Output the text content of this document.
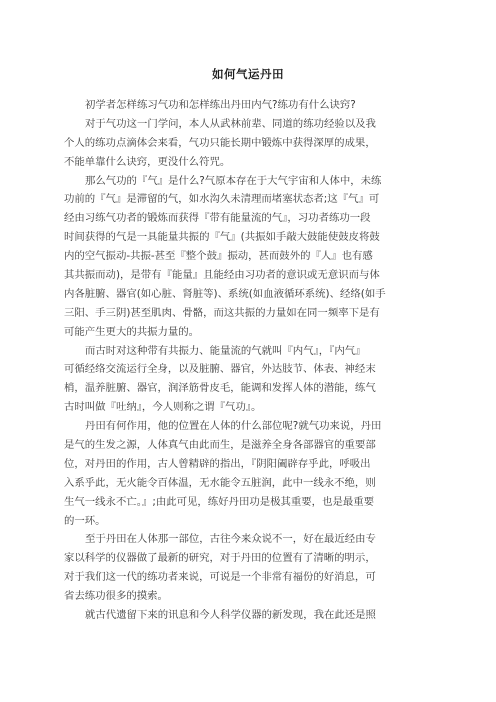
如何气运丹田
初学者怎样练习气功和怎样练出丹田内气?练功有什么诀窍?
对于气功这一门学问，本人从武林前辈、同道的练功经验以及我
个人的练功点滴体会来看，气功只能长期中锻炼中获得深厚的成果，
不能单靠什么诀窍，更没什么符咒。
那么气功的『气』是什么?气原本存在于大气宇宙和人体中，未练
功前的『气』是滞留的气，如水沟久未清理而堵塞状态者;这『气』可
经由习练气功者的锻炼而获得『带有能量流的气』，习功者练功一段
时间获得的气是一具能量共振的『气』(共振如手敲大鼓能使鼓皮将鼓
内的空气振动-共振-甚至『整个鼓』振动，甚而鼓外的『人』也有感
其共振而动)，是带有『能量』且能经由习功者的意识或无意识而与体
内各脏腑、器官(如心脏、肾脏等)、系统(如血液循环系统)、经络(如手
三阳、手三阴)甚至肌肉、骨骼，而这共振的力量如在同一频率下是有
可能产生更大的共振力量的。
而古时对这种带有共振力、能量流的气就叫『内气』，『内气』
可循经络交流运行全身，以及脏腑、器官，外达肢节、体表、神经末
梢，温养脏腑、器官，润泽筋骨皮毛，能调和发挥人体的潜能，练气
古时叫做『吐纳』，今人则称之谓『气功』。
丹田有何作用，他的位置在人体的什么部位呢?就气功来说，丹田
是气的生发之源，人体真气由此而生，是滋养全身各部器官的重要部
位，对丹田的作用，古人曾精辟的指出，『阴阳阖辟存乎此，呼吸出
入系乎此，无火能令百体温，无水能令五脏润，此中一线永不绝，则
生气一线永不亡。』;由此可见，练好丹田功是极其重要，也是最重要
的一环。
至于丹田在人体那一部位，古往今来众说不一，好在最近经由专
家以科学的仪器做了最新的研究，对于丹田的位置有了清晰的明示，
对于我们这一代的练功者来说，可说是一个非常有福份的好消息，可
省去练功很多的摸索。
就古代遗留下来的讯息和今人科学仪器的新发现，我在此还是照
